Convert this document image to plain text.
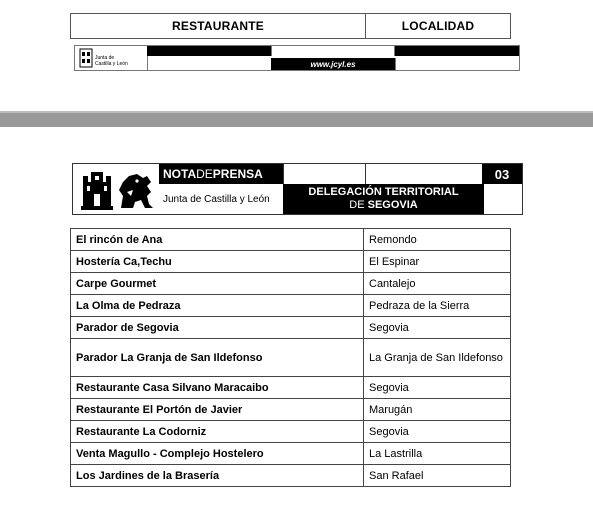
RESTAURANTE	LOCALIDAD
Junta de
Castilla y León	www.jcyl.es
NOTA DE PRENSA	03
Junta de Castilla y León
DELEGACIÓN TERRITORIAL
DE SEGOVIA
El rincón de Ana	Remondo
Hostería Ca,Techu	El Espinar
Carpe Gourmet	Cantalejo
La Olma de Pedraza	Pedraza de la Sierra
Parador de Segovia	Segovia
Parador La Granja de San Ildefonso	La Granja de San Ildefonso
Restaurante Casa Silvano Maracaibo	Segovia
Restaurante El Portón de Javier	Marugán
Restaurante La Codorniz	Segovia
Venta Magullo - Complejo Hostelero	La Lastrilla
Los Jardines de la Brasería	San Rafael
